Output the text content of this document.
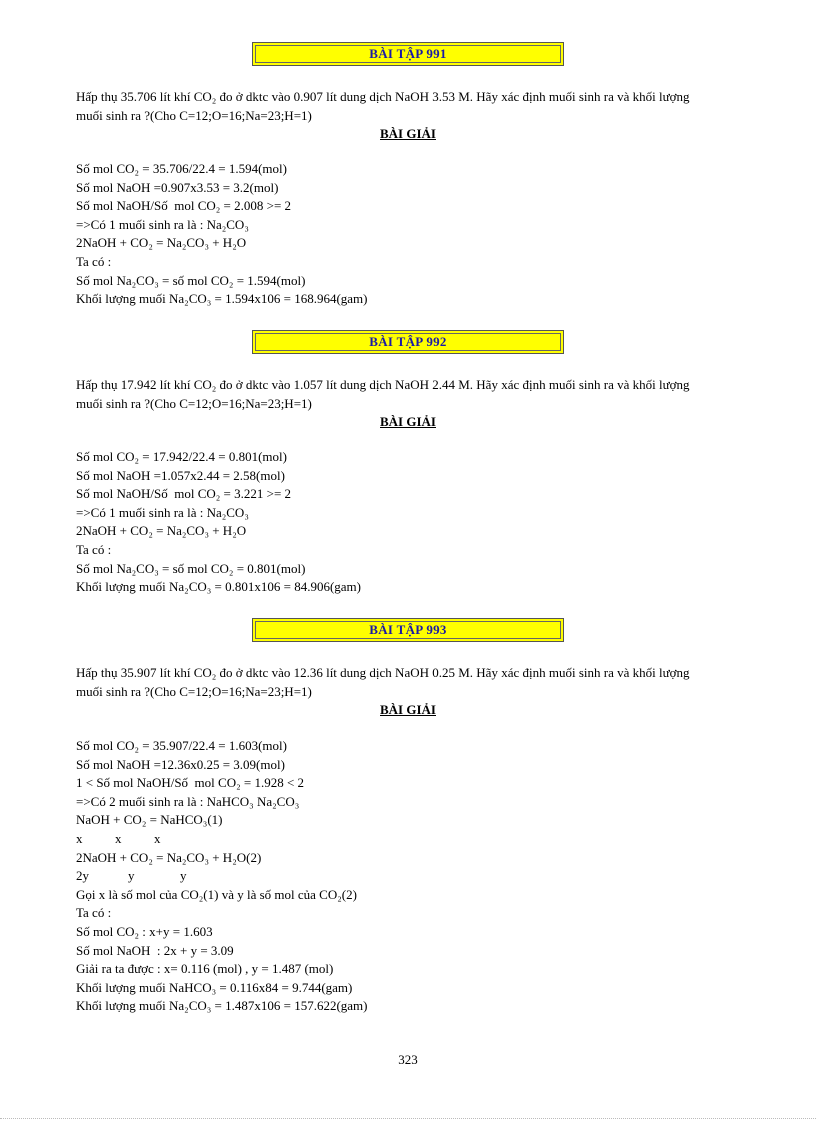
BÀI TẬP 991
Hấp thụ 35.706 lít khí CO₂ đo ở dktc vào 0.907 lít dung dịch NaOH 3.53 M. Hãy xác định muối sinh ra và khối lượng
muối sinh ra ?(Cho C=12;O=16;Na=23;H=1)
BÀI GIẢI
Số mol CO₂ = 35.706/22.4 = 1.594(mol)
Số mol NaOH =0.907x3.53 = 3.2(mol)
Số mol NaOH/Số  mol CO₂ = 2.008 >= 2
=>Có 1 muối sinh ra là : Na₂CO₃
2NaOH + CO₂ = Na₂CO₃ + H₂O
Ta có :
Số mol Na₂CO₃ = số mol CO₂ = 1.594(mol)
Khối lượng muối Na₂CO₃ = 1.594x106 = 168.964(gam)
BÀI TẬP 992
Hấp thụ 17.942 lít khí CO₂ đo ở dktc vào 1.057 lít dung dịch NaOH 2.44 M. Hãy xác định muối sinh ra và khối lượng
muối sinh ra ?(Cho C=12;O=16;Na=23;H=1)
BÀI GIẢI
Số mol CO₂ = 17.942/22.4 = 0.801(mol)
Số mol NaOH =1.057x2.44 = 2.58(mol)
Số mol NaOH/Số  mol CO₂ = 3.221 >= 2
=>Có 1 muối sinh ra là : Na₂CO₃
2NaOH + CO₂ = Na₂CO₃ + H₂O
Ta có :
Số mol Na₂CO₃ = số mol CO₂ = 0.801(mol)
Khối lượng muối Na₂CO₃ = 0.801x106 = 84.906(gam)
BÀI TẬP 993
Hấp thụ 35.907 lít khí CO₂ đo ở dktc vào 12.36 lít dung dịch NaOH 0.25 M. Hãy xác định muối sinh ra và khối lượng
muối sinh ra ?(Cho C=12;O=16;Na=23;H=1)
BÀI GIẢI
Số mol CO₂ = 35.907/22.4 = 1.603(mol)
Số mol NaOH =12.36x0.25 = 3.09(mol)
1 < Số mol NaOH/Số  mol CO₂ = 1.928 < 2
=>Có 2 muối sinh ra là : NaHCO₃ Na₂CO₃
NaOH + CO₂ = NaHCO₃(1)
x          x          x
2NaOH + CO₂ = Na₂CO₃ + H₂O(2)
2y            y              y
Gọi x là số mol của CO₂(1) và y là số mol của CO₂(2)
Ta có :
Số mol CO₂ : x+y = 1.603
Số mol NaOH  : 2x + y = 3.09
Giải ra ta được : x= 0.116 (mol) , y = 1.487 (mol)
Khối lượng muối NaHCO₃ = 0.116x84 = 9.744(gam)
Khối lượng muối Na₂CO₃ = 1.487x106 = 157.622(gam)
323
